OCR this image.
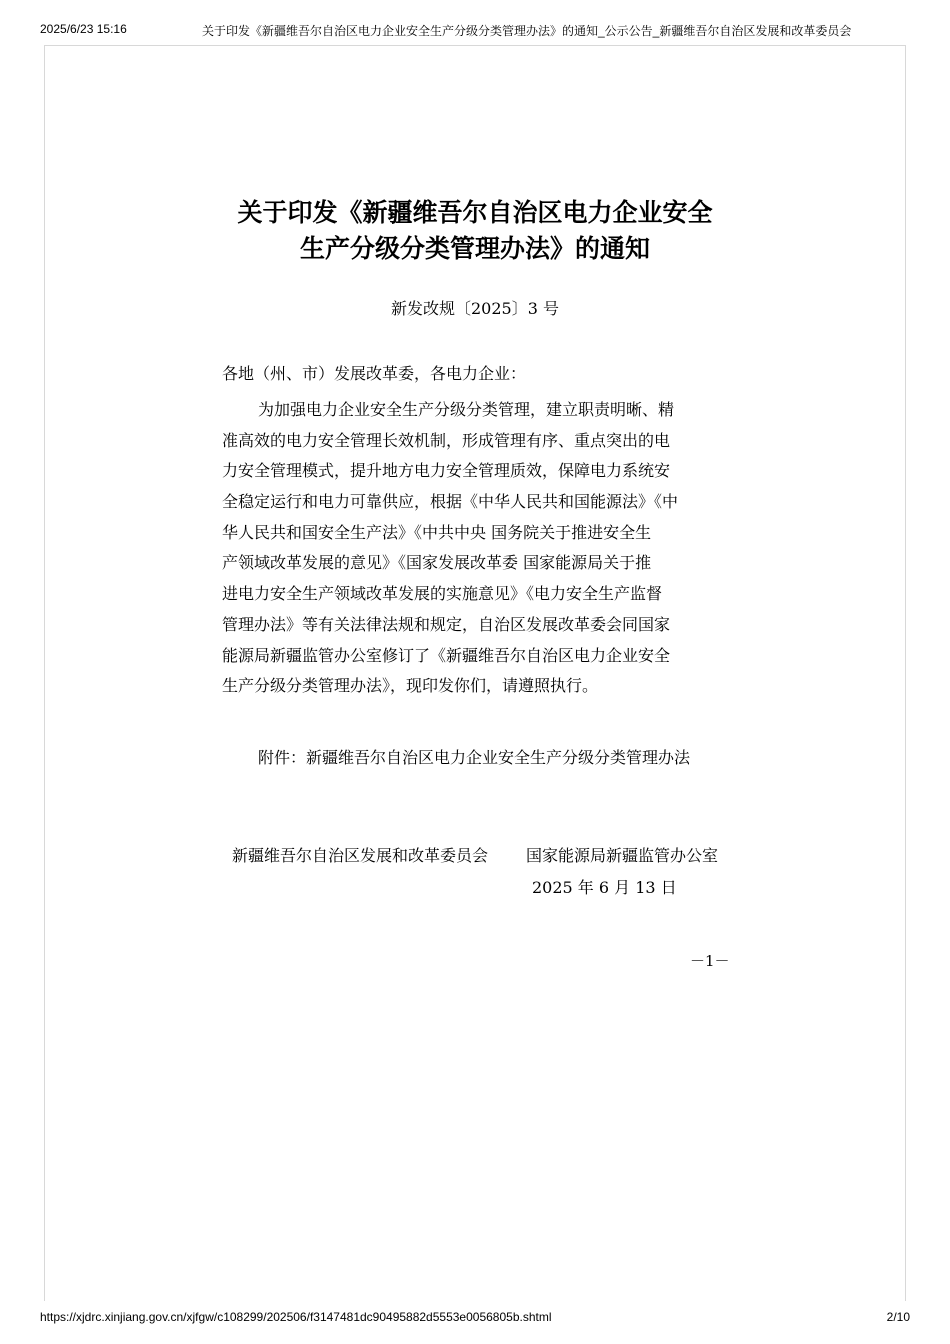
2025/6/23 15:16	关于印发《新疆维吾尔自治区电力企业安全生产分级分类管理办法》的通知_公示公告_新疆维吾尔自治区发展和改革委员会
关于印发《新疆维吾尔自治区电力企业安全
生产分级分类管理办法》的通知
新发改规〔2025〕3 号
各地（州、市）发展改革委，各电力企业：
为加强电力企业安全生产分级分类管理，建立职责明晰、精
准高效的电力安全管理长效机制，形成管理有序、重点突出的电
力安全管理模式，提升地方电力安全管理质效，保障电力系统安
全稳定运行和电力可靠供应，根据《中华人民共和国能源法》《中
华人民共和国安全生产法》《中共中央 国务院关于推进安全生
产领域改革发展的意见》《国家发展改革委 国家能源局关于推
进电力安全生产领域改革发展的实施意见》《电力安全生产监督
管理办法》等有关法律法规和规定，自治区发展改革委会同国家
能源局新疆监管办公室修订了《新疆维吾尔自治区电力企业安全
生产分级分类管理办法》，现印发你们，请遵照执行。
附件：新疆维吾尔自治区电力企业安全生产分级分类管理办法
新疆维吾尔自治区发展和改革委员会 国家能源局新疆监管办公室
2025 年 6 月 13 日
－1－
https://xjdrc.xinjiang.gov.cn/xjfgw/c108299/202506/f3147481dc90495882d5553e0056805b.shtml	2/10
